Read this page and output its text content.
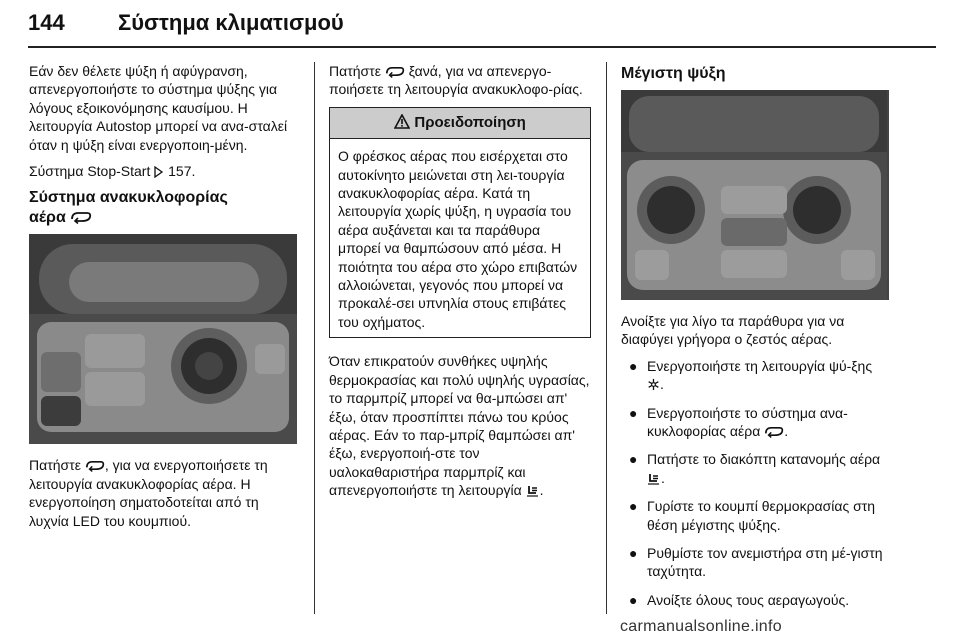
144 Σύστημα κλιματισμού

Εάν δεν θέλετε ψύξη ή αφύγρανση, απενεργοποιήστε το σύστημα ψύξης για λόγους εξοικονόμησης καυσίμου. Η λειτουργία Autostop μπορεί να ανα-σταλεί όταν η ψύξη είναι ενεργοποιη-μένη.

Σύστημα Stop-Start 157.

Σύστημα ανακυκλοφορίας
αέρα

Πατήστε , για να ενεργοποιήσετε τη λειτουργία ανακυκλοφορίας αέρα. Η ενεργοποίηση σηματοδοτείται από τη λυχνία LED του κουμπιού.

Πατήστε ξανά, για να απενεργο-ποιήσετε τη λειτουργία ανακυκλοφο-ρίας.

Προειδοποίηση
Ο φρέσκος αέρας που εισέρχεται στο αυτοκίνητο μειώνεται στη λει-τουργία ανακυκλοφορίας αέρα. Κατά τη λειτουργία χωρίς ψύξη, η υγρασία του αέρα αυξάνεται και τα παράθυρα μπορεί να θαμπώσουν από μέσα. Η ποιότητα του αέρα στο χώρο επιβατών αλλοιώνεται, γεγονός που μπορεί να προκαλέ-σει υπνηλία στους επιβάτες του οχήματος.

Όταν επικρατούν συνθήκες υψηλής θερμοκρασίας και πολύ υψηλής υγρασίας, το παρμπρίζ μπορεί να θα-μπώσει απ' έξω, όταν προσπίπτει πάνω του κρύος αέρας. Εάν το παρ-μπρίζ θαμπώσει απ' έξω, ενεργοποιή-στε τον υαλοκαθαριστήρα παρμπρίζ και απενεργοποιήστε τη λειτουργία .

Μέγιστη ψύξη

Ανοίξτε για λίγο τα παράθυρα για να διαφύγει γρήγορα ο ζεστός αέρας.

● Ενεργοποιήστε τη λειτουργία ψύ-ξης .
● Ενεργοποιήστε το σύστημα ανα-κυκλοφορίας αέρα .
● Πατήστε το διακόπτη κατανομής αέρα .
● Γυρίστε το κουμπί θερμοκρασίας στη θέση μέγιστης ψύξης.
● Ρυθμίστε τον ανεμιστήρα στη μέ-γιστη ταχύτητα.
● Ανοίξτε όλους τους αεραγωγούς.
carmanualsonline.info
